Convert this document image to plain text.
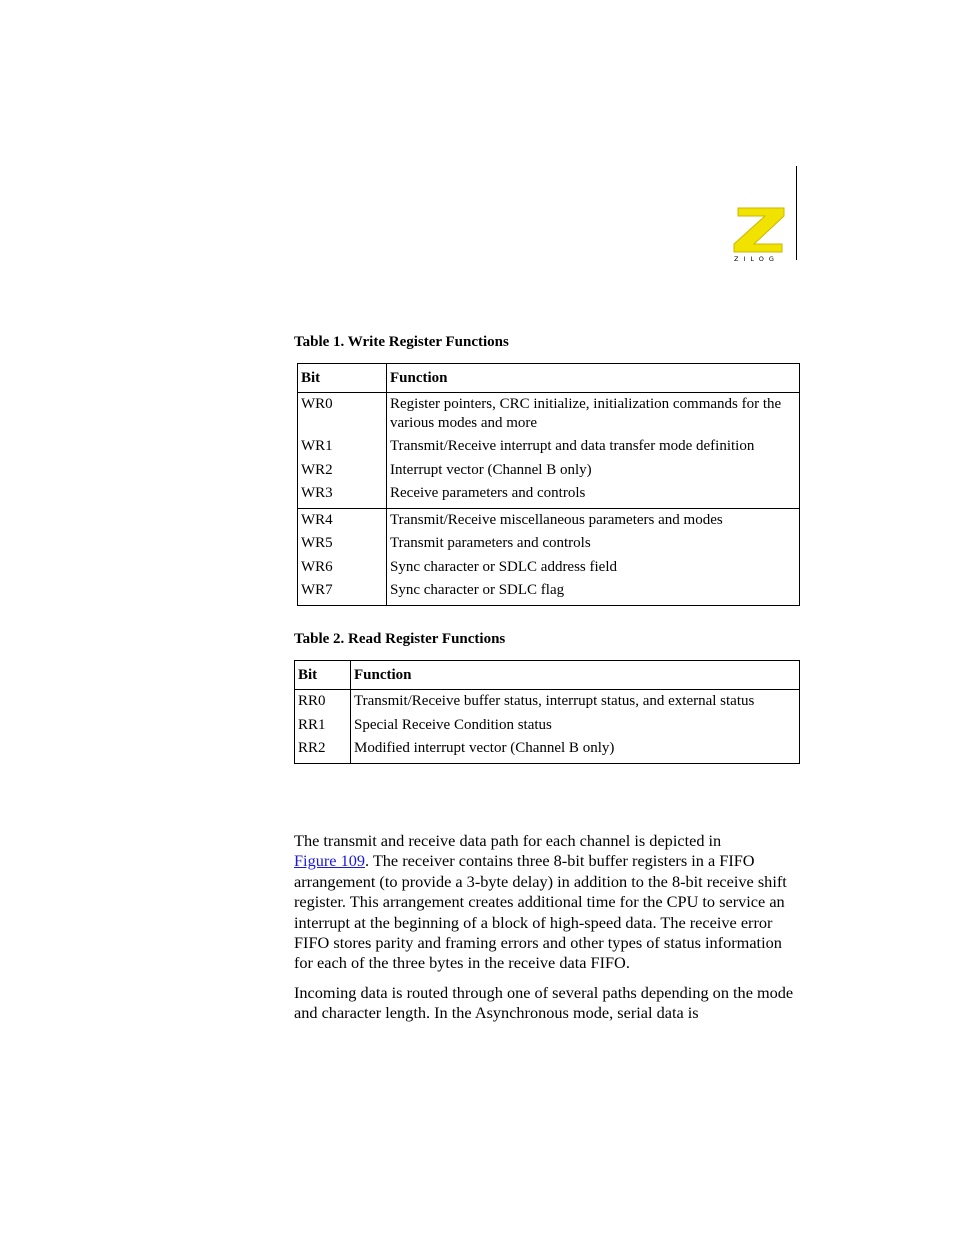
ZILOG
Table 1. Write Register Functions
Bit	Function
WR0	Register pointers, CRC initialize, initialization commands for the various modes and more
WR1	Transmit/Receive interrupt and data transfer mode definition
WR2	Interrupt vector (Channel B only)
WR3	Receive parameters and controls
WR4	Transmit/Receive miscellaneous parameters and modes
WR5	Transmit parameters and controls
WR6	Sync character or SDLC address field
WR7	Sync character or SDLC flag
Table 2. Read Register Functions
Bit	Function
RR0	Transmit/Receive buffer status, interrupt status, and external status
RR1	Special Receive Condition status
RR2	Modified interrupt vector (Channel B only)

The transmit and receive data path for each channel is depicted in
Figure 109. The receiver contains three 8-bit buffer registers in a FIFO arrangement (to provide a 3-byte delay) in addition to the 8-bit receive shift register. This arrangement creates additional time for the CPU to service an interrupt at the beginning of a block of high-speed data. The receive error FIFO stores parity and framing errors and other types of status information for each of the three bytes in the receive data FIFO.

Incoming data is routed through one of several paths depending on the mode and character length. In the Asynchronous mode, serial data is
